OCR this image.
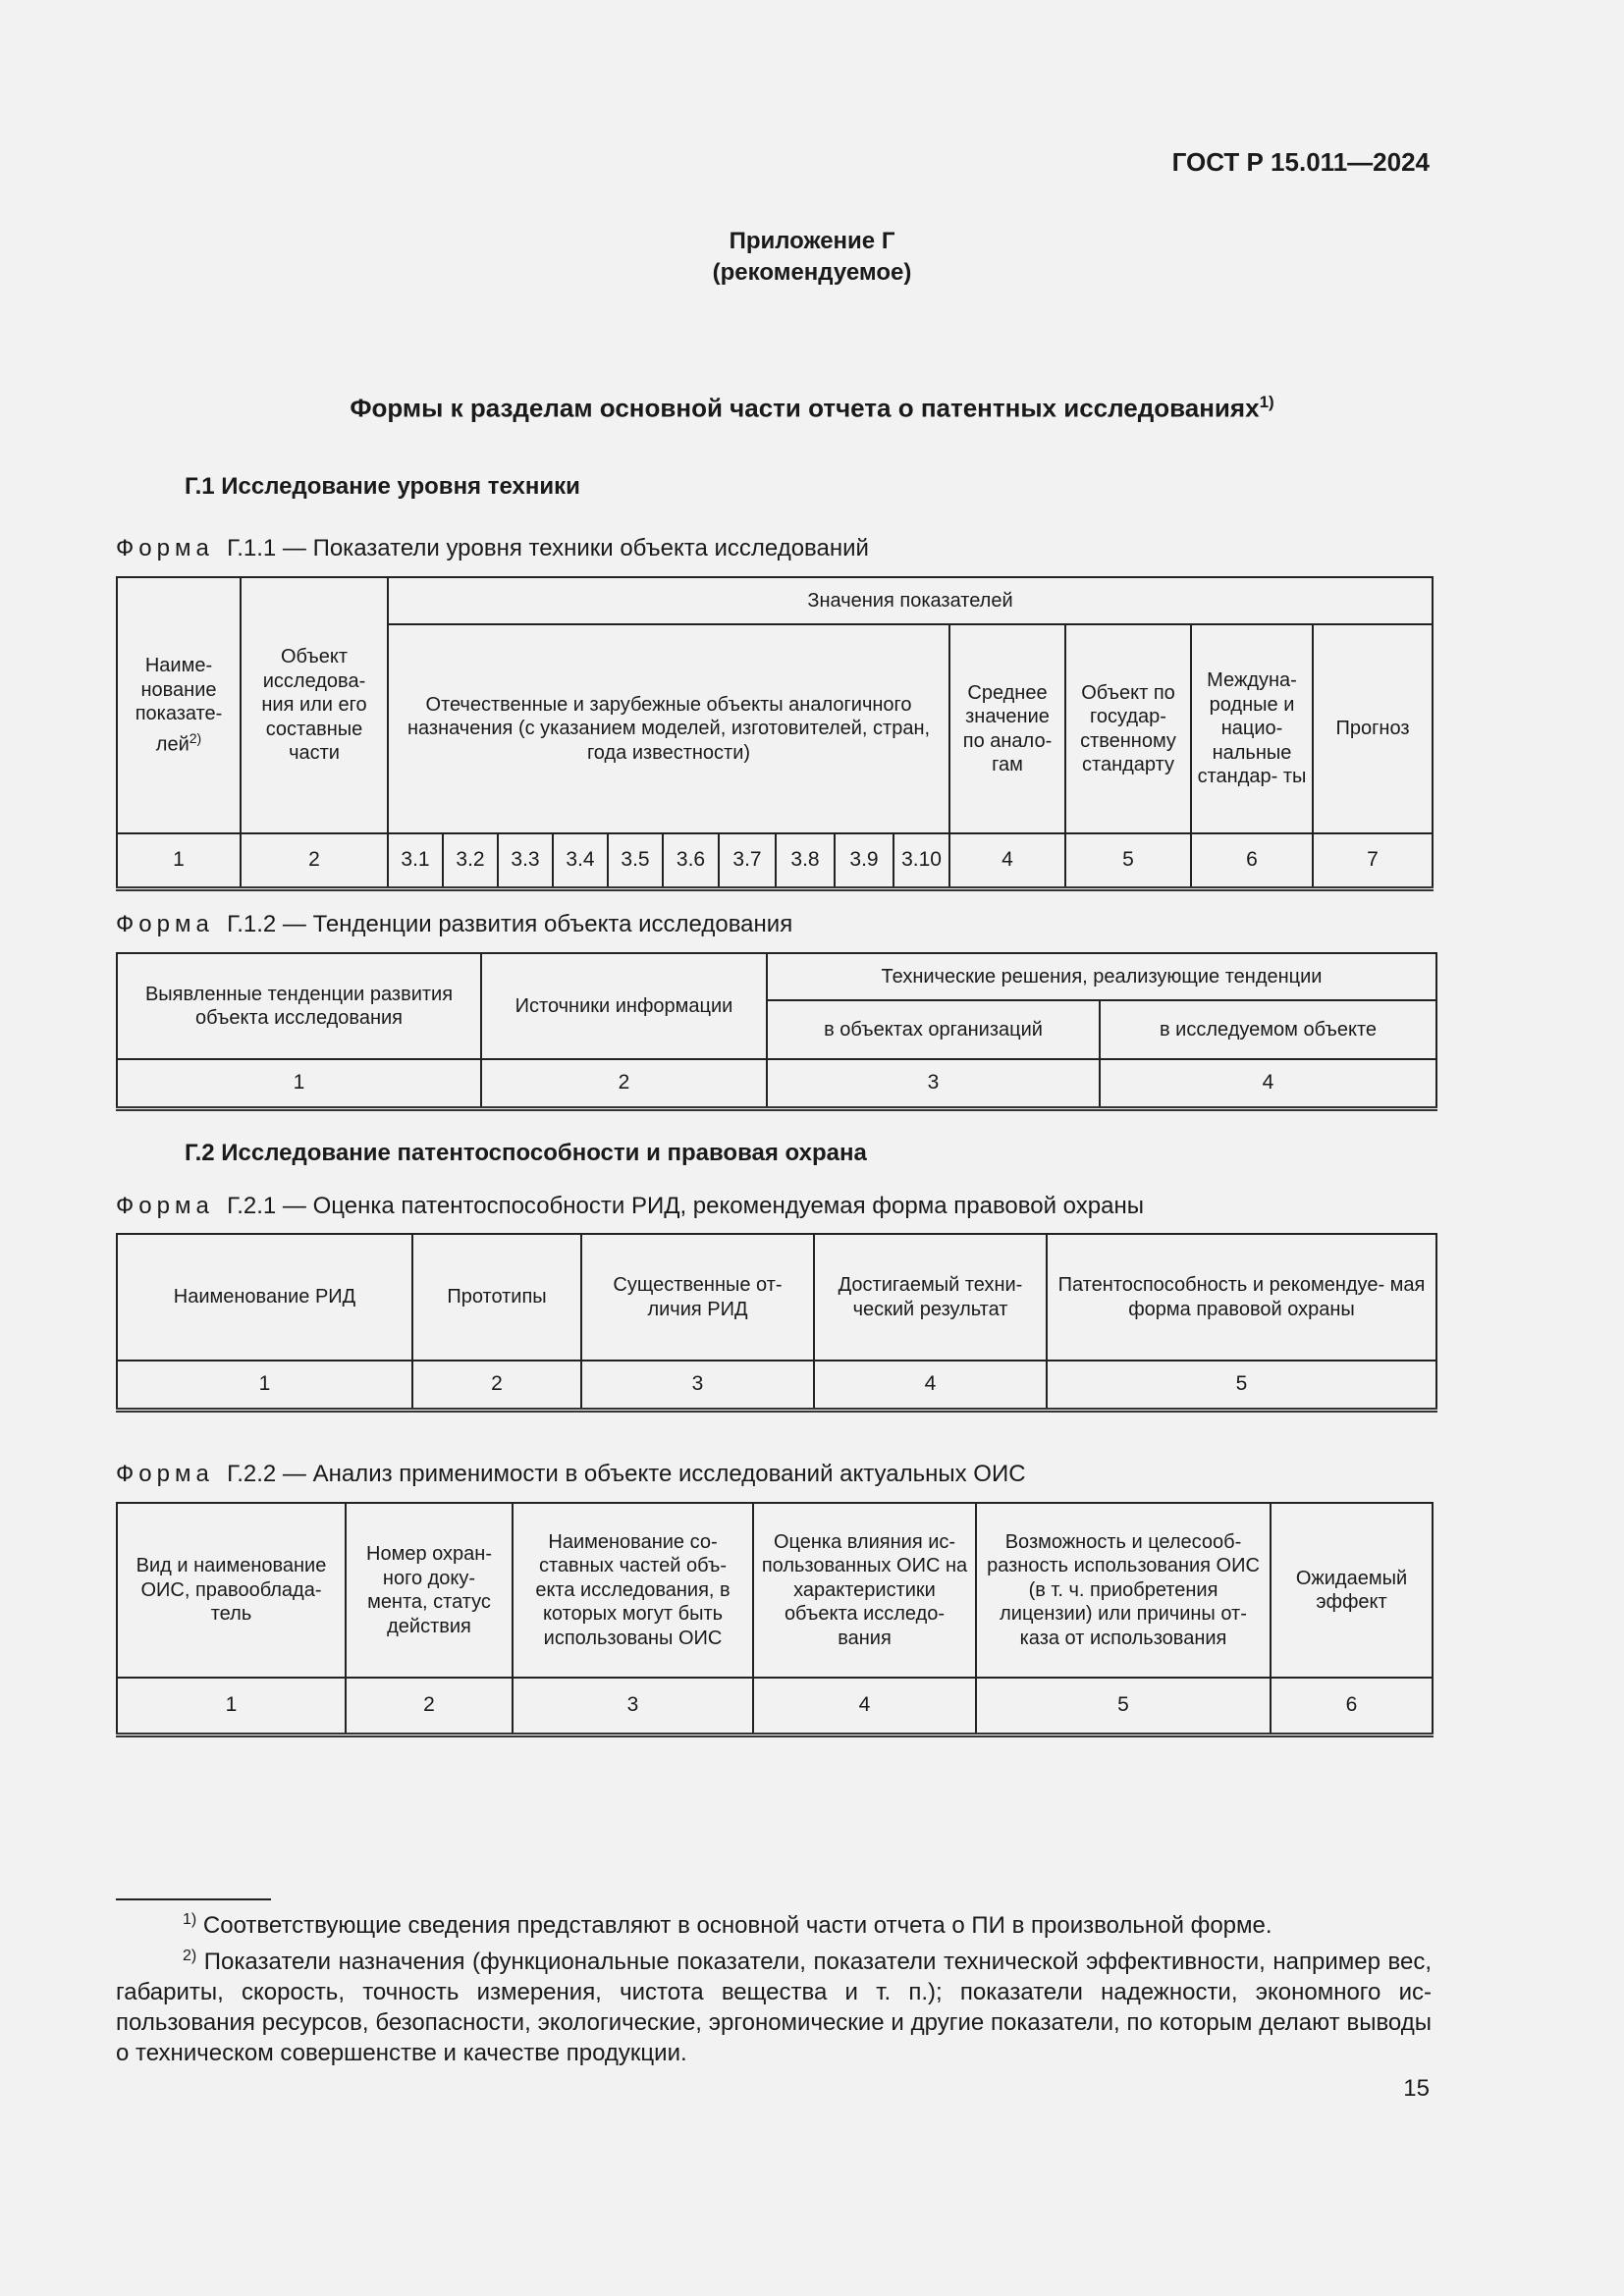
ГОСТ Р 15.011—2024
Приложение Г
(рекомендуемое)
Формы к разделам основной части отчета о патентных исследованиях$^{1)}$
Г.1 Исследование уровня техники
Форма Г.1.1 — Показатели уровня техники объекта исследований
Наиме- нование показате- лей$^{2)}$	Объект исследова- ния или его составные части	Значения показателей													
		Отечественные и зарубежные объекты аналогичного назначения (с указанием моделей, изготовителей, стран, года известности)										Среднее значение по анало- гам	Объект по государ- ственному стандарту	Междуна- родные и нацио- нальные стандар- ты	Прогноз
1	2	3.1	3.2	3.3	3.4	3.5	3.6	3.7	3.8	3.9	3.10	4	5	6	7
Форма Г.1.2 — Тенденции развития объекта исследования
Выявленные тенденции развития объекта исследования	Источники информации	Технические решения, реализующие тенденции	
		в объектах организаций	в исследуемом объекте
1	2	3	4
Г.2 Исследование патентоспособности и правовая охрана
Форма Г.2.1 — Оценка патентоспособности РИД, рекомендуемая форма правовой охраны
Наименование РИД	Прототипы	Существенные от- личия РИД	Достигаемый техни- ческий результат	Патентоспособность и рекомендуе- мая форма правовой охраны
1	2	3	4	5
Форма Г.2.2 — Анализ применимости в объекте исследований актуальных ОИС
Вид и наименование ОИС, правооблада- тель	Номер охран- ного доку- мента, статус действия	Наименование со- ставных частей объ- екта исследования, в которых могут быть использованы ОИС	Оценка влияния ис- пользованных ОИС на характеристики объекта исследо- вания	Возможность и целесооб- разность использования ОИС (в т. ч. приобретения лицензии) или причины от- каза от использования	Ожидаемый эффект
1	2	3	4	5	6

$^{1)}$ Соответствующие сведения представляют в основной части отчета о ПИ в произвольной форме.

$^{2)}$ Показатели назначения (функциональные показатели, показатели технической эффективности, например вес, габариты, скорость, точность измерения, чистота вещества и т. п.); показатели надежности, экономного ис- пользования ресурсов, безопасности, экологические, эргономические и другие показатели, по которым делают выводы о техническом совершенстве и качестве продукции.

15
